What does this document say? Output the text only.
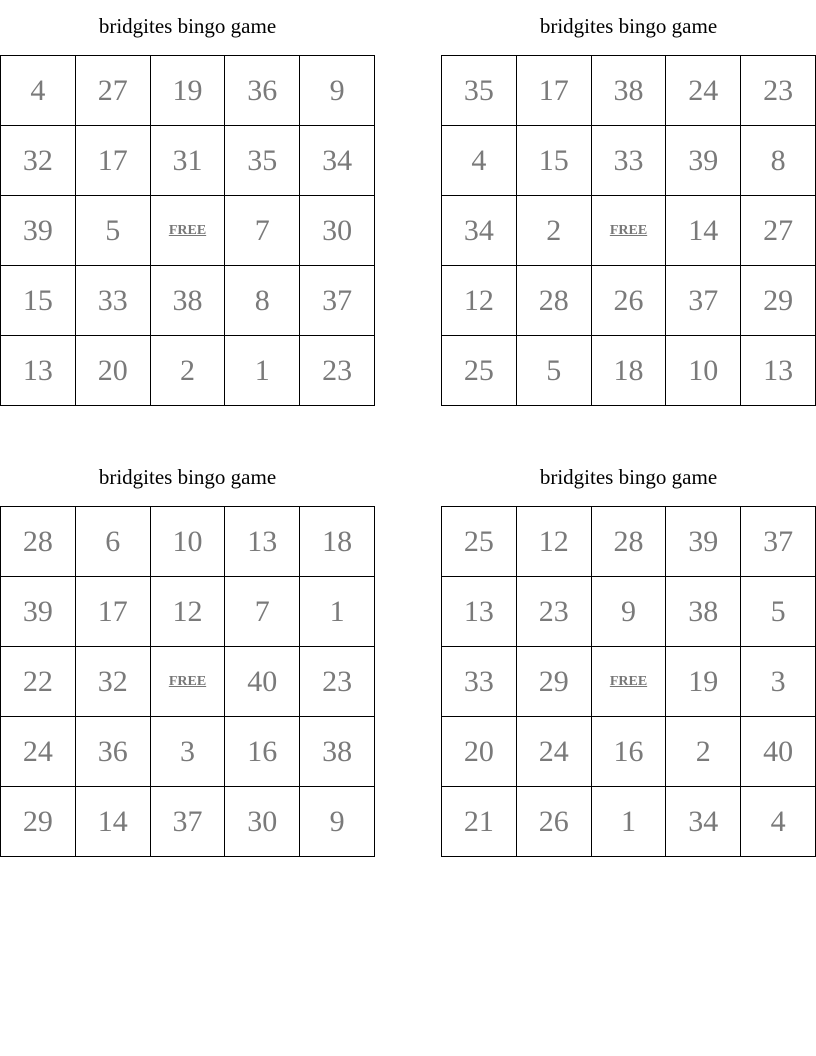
bridgites bingo game
4	27	19	36	9
32	17	31	35	34
39	5	FREE	7	30
15	33	38	8	37
13	20	2	1	23
bridgites bingo game
35	17	38	24	23
4	15	33	39	8
34	2	FREE	14	27
12	28	26	37	29
25	5	18	10	13
bridgites bingo game
28	6	10	13	18
39	17	12	7	1
22	32	FREE	40	23
24	36	3	16	38
29	14	37	30	9
bridgites bingo game
25	12	28	39	37
13	23	9	38	5
33	29	FREE	19	3
20	24	16	2	40
21	26	1	34	4
